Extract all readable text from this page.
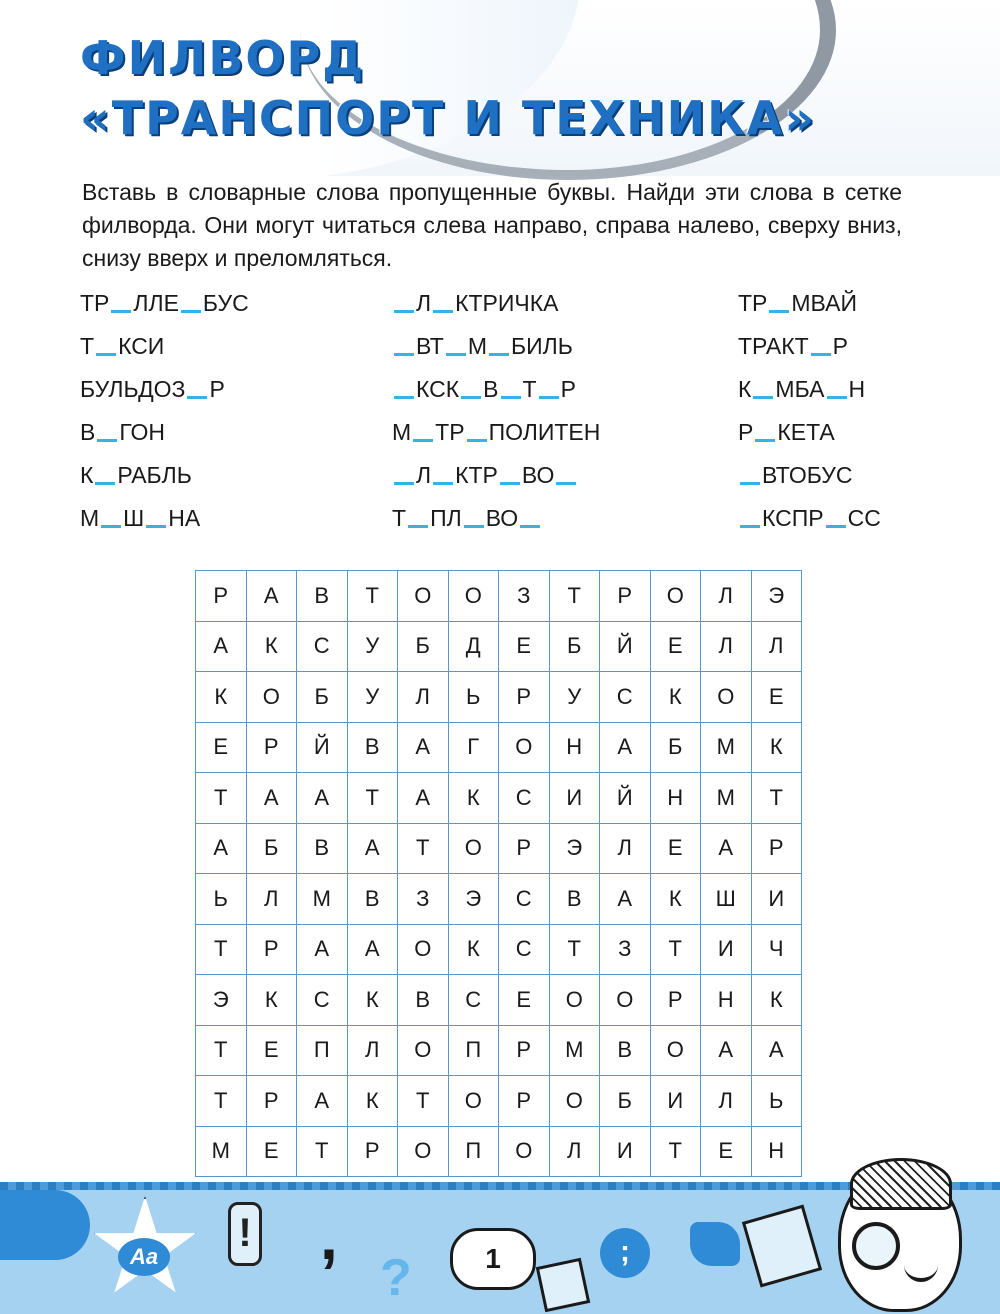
ФИЛВОРД
«ТРАНСПОРТ И ТЕХНИКА»

Вставь в словарные слова пропущенные буквы. Найди эти слова в сетке филворда. Они могут читаться слева направо, справа налево, сверху вниз, снизу вверх и преломляться.

ТР ЛЛЕ БУС	Л КТРИЧКА	ТР МВАЙ
Т КСИ	ВТ М БИЛЬ	ТРАКТ Р
БУЛЬДОЗ Р	КСК В Т Р	К МБА Н
В ГОН	М ТР ПОЛИТЕН	Р КЕТА
К РАБЛЬ	Л КТР ВО	ВТОБУС
М Ш НА	Т ПЛ ВО	КСПР СС
Р	А	В	Т	О	О	З	Т	Р	О	Л	Э
А	К	С	У	Б	Д	Е	Б	Й	Е	Л	Л
К	О	Б	У	Л	Ь	Р	У	С	К	О	Е
Е	Р	Й	В	А	Г	О	Н	А	Б	М	К
Т	А	А	Т	А	К	С	И	Й	Н	М	Т
А	Б	В	А	Т	О	Р	Э	Л	Е	А	Р
Ь	Л	М	В	З	Э	С	В	А	К	Ш	И
Т	Р	А	А	О	К	С	Т	З	Т	И	Ч
Э	К	С	К	В	С	Е	О	О	Р	Н	К
Т	Е	П	Л	О	П	Р	М	В	О	А	А
Т	Р	А	К	Т	О	Р	О	Б	И	Л	Ь
М	Е	Т	Р	О	П	О	Л	И	Т	Е	Н
Aa
! ,
?	1	;
